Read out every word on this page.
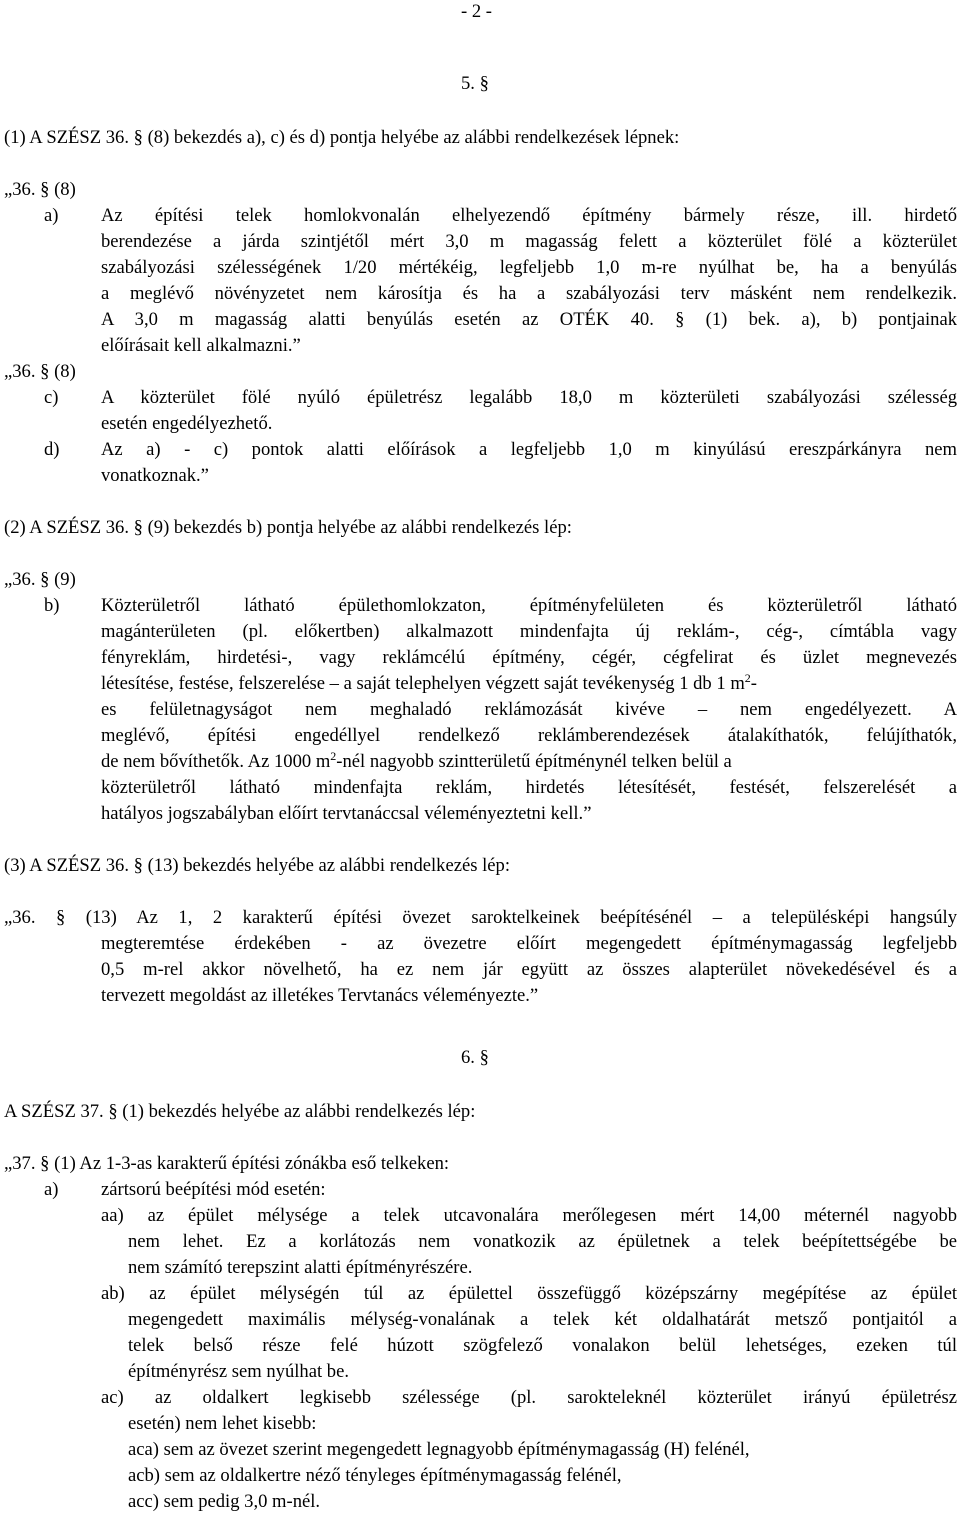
- 2 -
5. §
(1) A SZÉSZ 36. § (8) bekezdés a), c) és d) pontja helyébe az alábbi rendelkezések lépnek:
„36. § (8)
a) Az építési telek homlokvonalán elhelyezendő építmény bármely része, ill. hirdető
berendezése a járda szintjétől mért 3,0 m magasság felett a közterület fölé a közterület
szabályozási szélességének 1/20 mértékéig, legfeljebb 1,0 m-re nyúlhat be, ha a benyúlás
a meglévő növényzetet nem károsítja és ha a szabályozási terv másként nem rendelkezik.
A 3,0 m magasság alatti benyúlás esetén az OTÉK 40. § (1) bek. a), b) pontjainak
előírásait kell alkalmazni.”
„36. § (8)
c) A közterület fölé nyúló épületrész legalább 18,0 m közterületi szabályozási szélesség
esetén engedélyezhető.
d) Az a) - c) pontok alatti előírások a legfeljebb 1,0 m kinyúlású ereszpárkányra nem
vonatkoznak.”
(2) A SZÉSZ 36. § (9) bekezdés b) pontja helyébe az alábbi rendelkezés lép:
„36. § (9)
b) Közterületről látható épülethomlokzaton, építményfelületen és közterületről látható
magánterületen (pl. előkertben) alkalmazott mindenfajta új reklám-, cég-, címtábla vagy
fényreklám, hirdetési-, vagy reklámcélú építmény, cégér, cégfelirat és üzlet megnevezés
létesítése, festése, felszerelése – a saját telephelyen végzett saját tevékenység 1 db 1 $m^2-$
es felületnagyságot nem meghaladó reklámozását kivéve – nem engedélyezett. A
meglévő, építési engedéllyel rendelkező reklámberendezések átalakíthatók, felújíthatók,
de nem bővíthetők. Az 1000 $m^2$-nél nagyobb szintterületű építménynél telken belül a
közterületről látható mindenfajta reklám, hirdetés létesítését, festését, felszerelését a
hatályos jogszabályban előírt tervtanáccsal véleményeztetni kell.”
(3) A SZÉSZ 36. § (13) bekezdés helyébe az alábbi rendelkezés lép:
„36. § (13) Az 1, 2 karakterű építési övezet saroktelkeinek beépítésénél – a településképi hangsúly
megteremtése érdekében - az övezetre előírt megengedett építménymagasság legfeljebb
0,5 m-rel akkor növelhető, ha ez nem jár együtt az összes alapterület növekedésével és a
tervezett megoldást az illetékes Tervtanács véleményezte.”
6. §
A SZÉSZ 37. § (1) bekezdés helyébe az alábbi rendelkezés lép:
„37. § (1) Az 1-3-as karakterű építési zónákba eső telkeken:
a) zártsorú beépítési mód esetén:
aa) az épület mélysége a telek utcavonalára merőlegesen mért 14,00 méternél nagyobb
nem lehet. Ez a korlátozás nem vonatkozik az épületnek a telek beépítettségébe be
nem számító terepszint alatti építményrészére.
ab) az épület mélységén túl az épülettel összefüggő középszárny megépítése az épület
megengedett maximális mélység-vonalának a telek két oldalhatárát metsző pontjaitól a
telek belső része felé húzott szögfelező vonalakon belül lehetséges, ezeken túl
építményrész sem nyúlhat be.
ac) az oldalkert legkisebb szélessége (pl. sarokteleknél közterület irányú épületrész
esetén) nem lehet kisebb:
aca) sem az övezet szerint megengedett legnagyobb építménymagasság (H) felénél,
acb) sem az oldalkertre néző tényleges építménymagasság felénél,
acc) sem pedig 3,0 m-nél.
